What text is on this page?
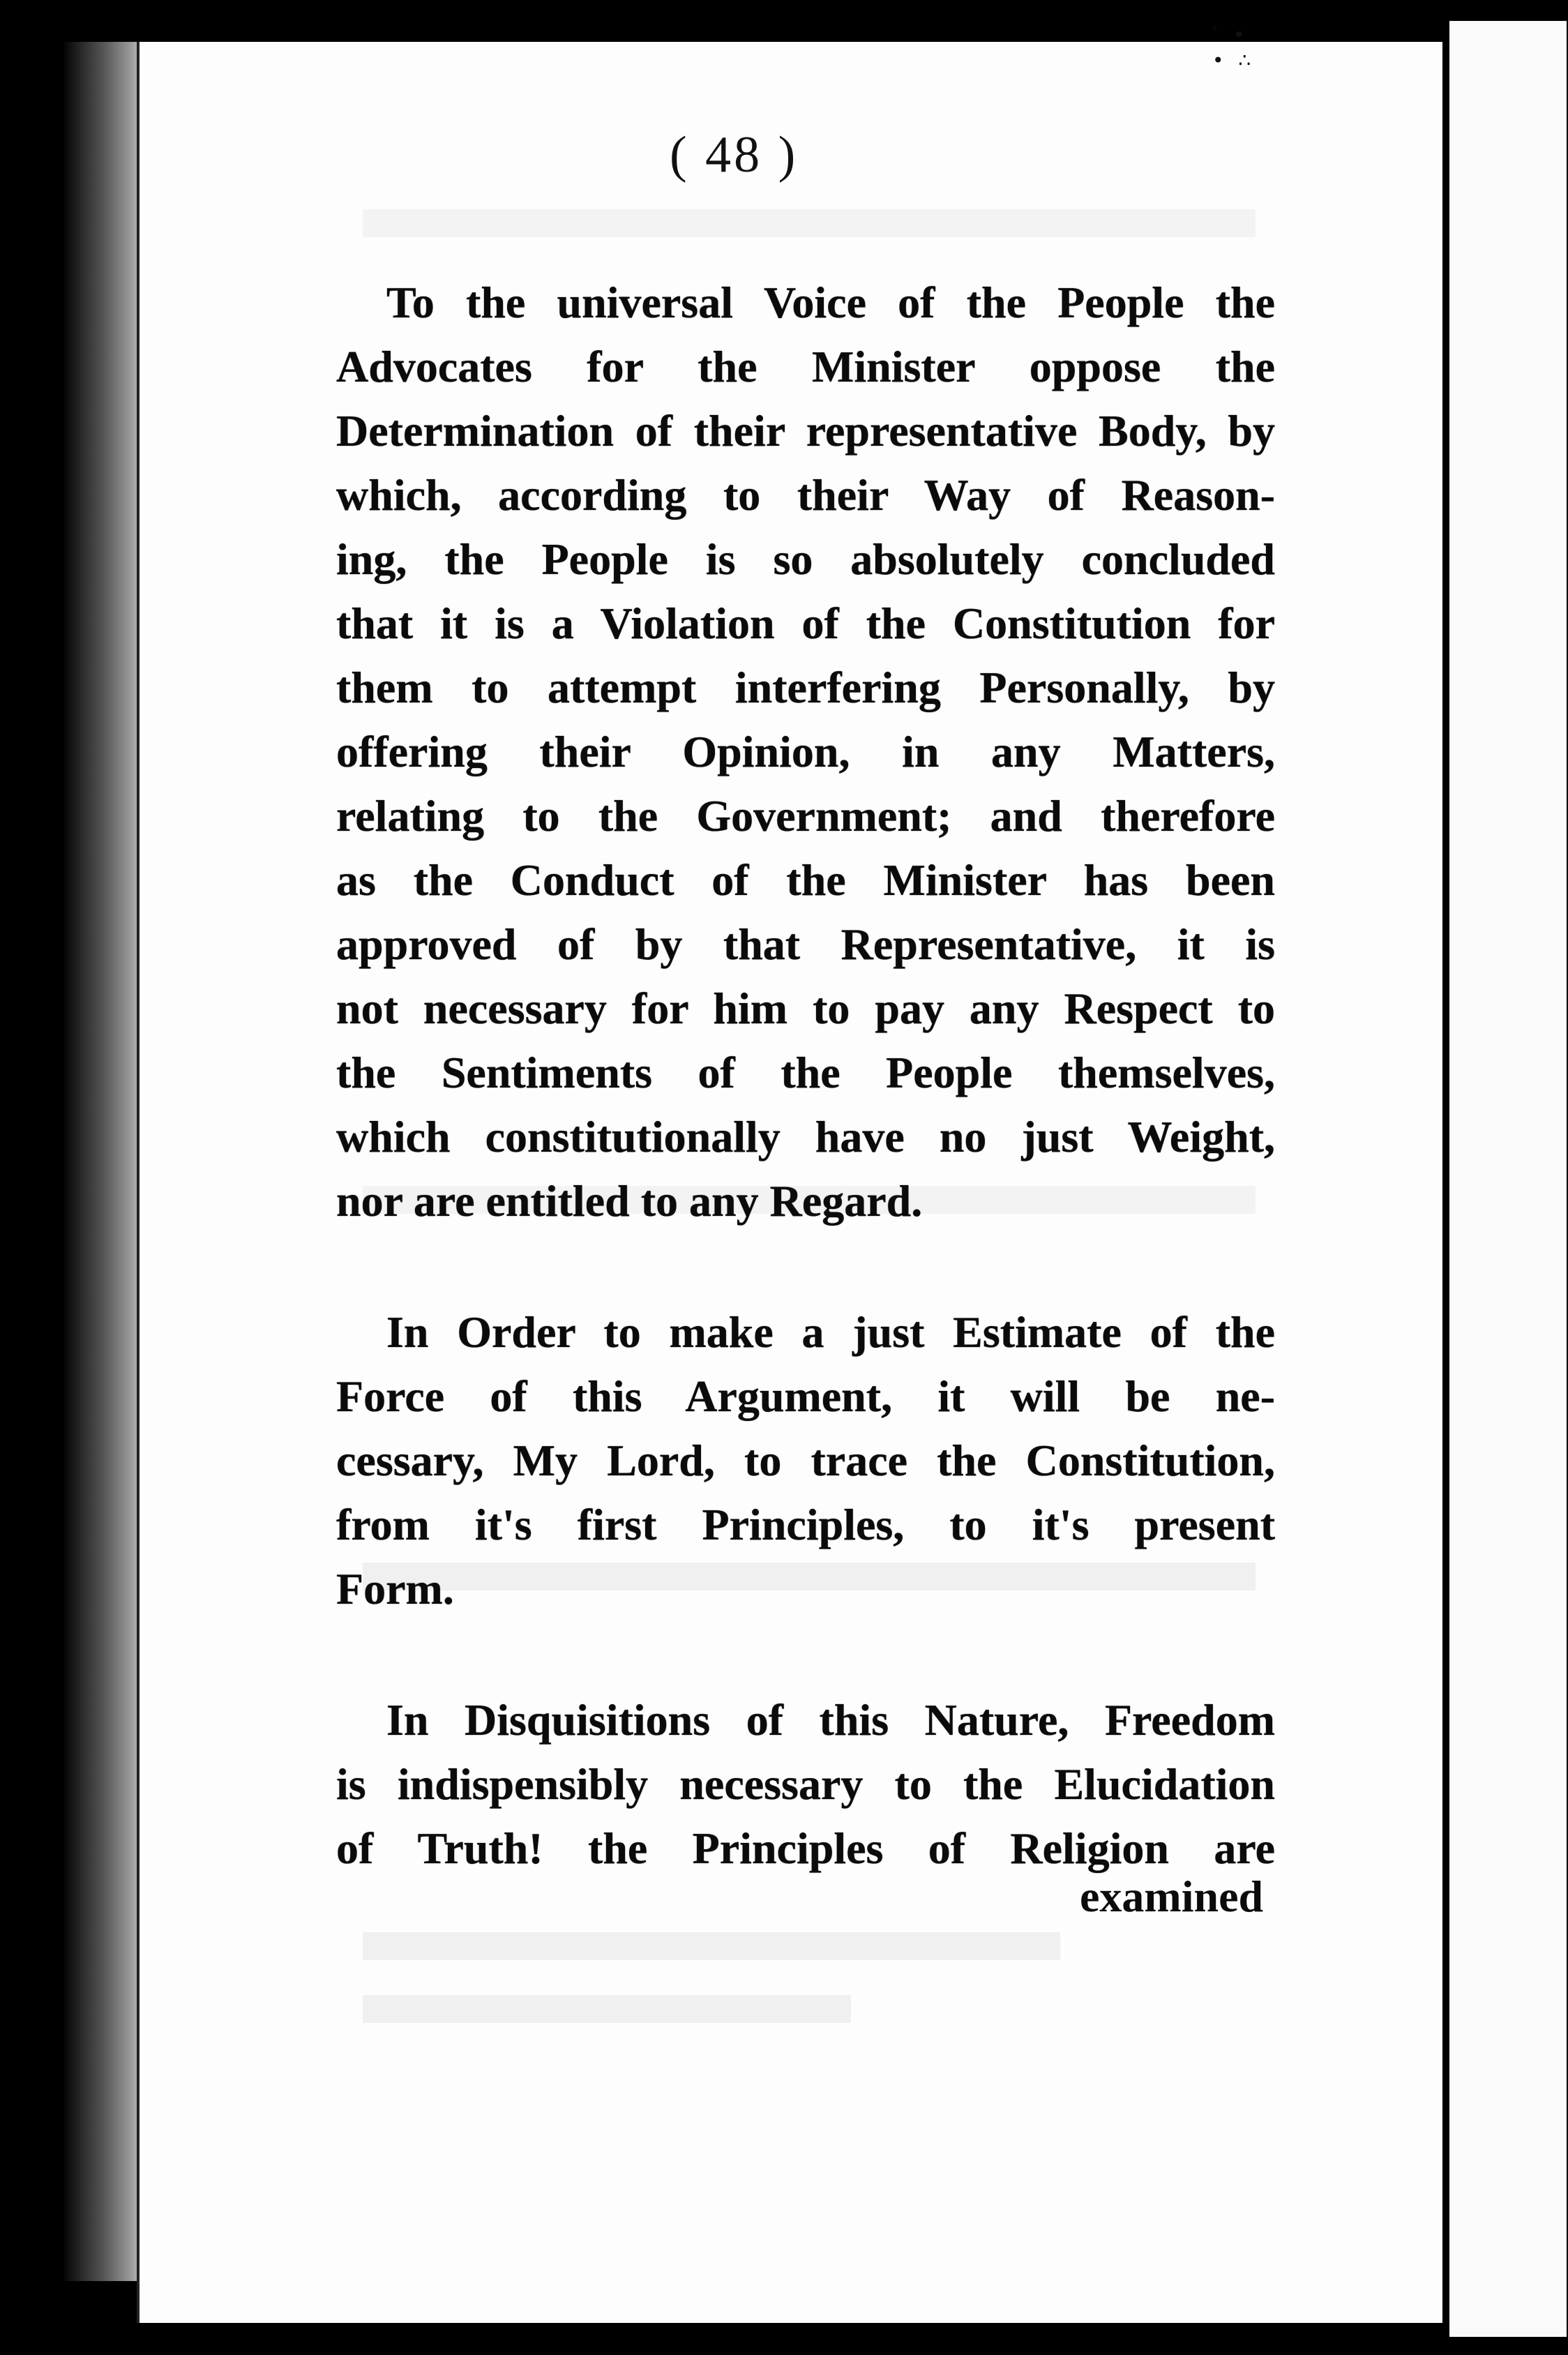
ʿ ∙
• ∴
( 48 )
To the universal Voice of the People the
Advocates for the Minister oppose the
Determination of their representative Body, by
which, according to their Way of Reason-
ing, the People is so absolutely concluded
that it is a Violation of the Constitution for
them to attempt interfering Personally, by
offering their Opinion, in any Matters,
relating to the Government; and therefore
as the Conduct of the Minister has been
approved of by that Representative, it is
not necessary for him to pay any Respect to
the Sentiments of the People themselves,
which constitutionally have no just Weight,
nor are entitled to any Regard.
In Order to make a just Estimate of the
Force of this Argument, it will be ne-
cessary, My Lord, to trace the Constitution,
from it's first Principles, to it's present
Form.
In Disquisitions of this Nature, Freedom
is indispensibly necessary to the Elucidation
of Truth! the Principles of Religion are
examined
